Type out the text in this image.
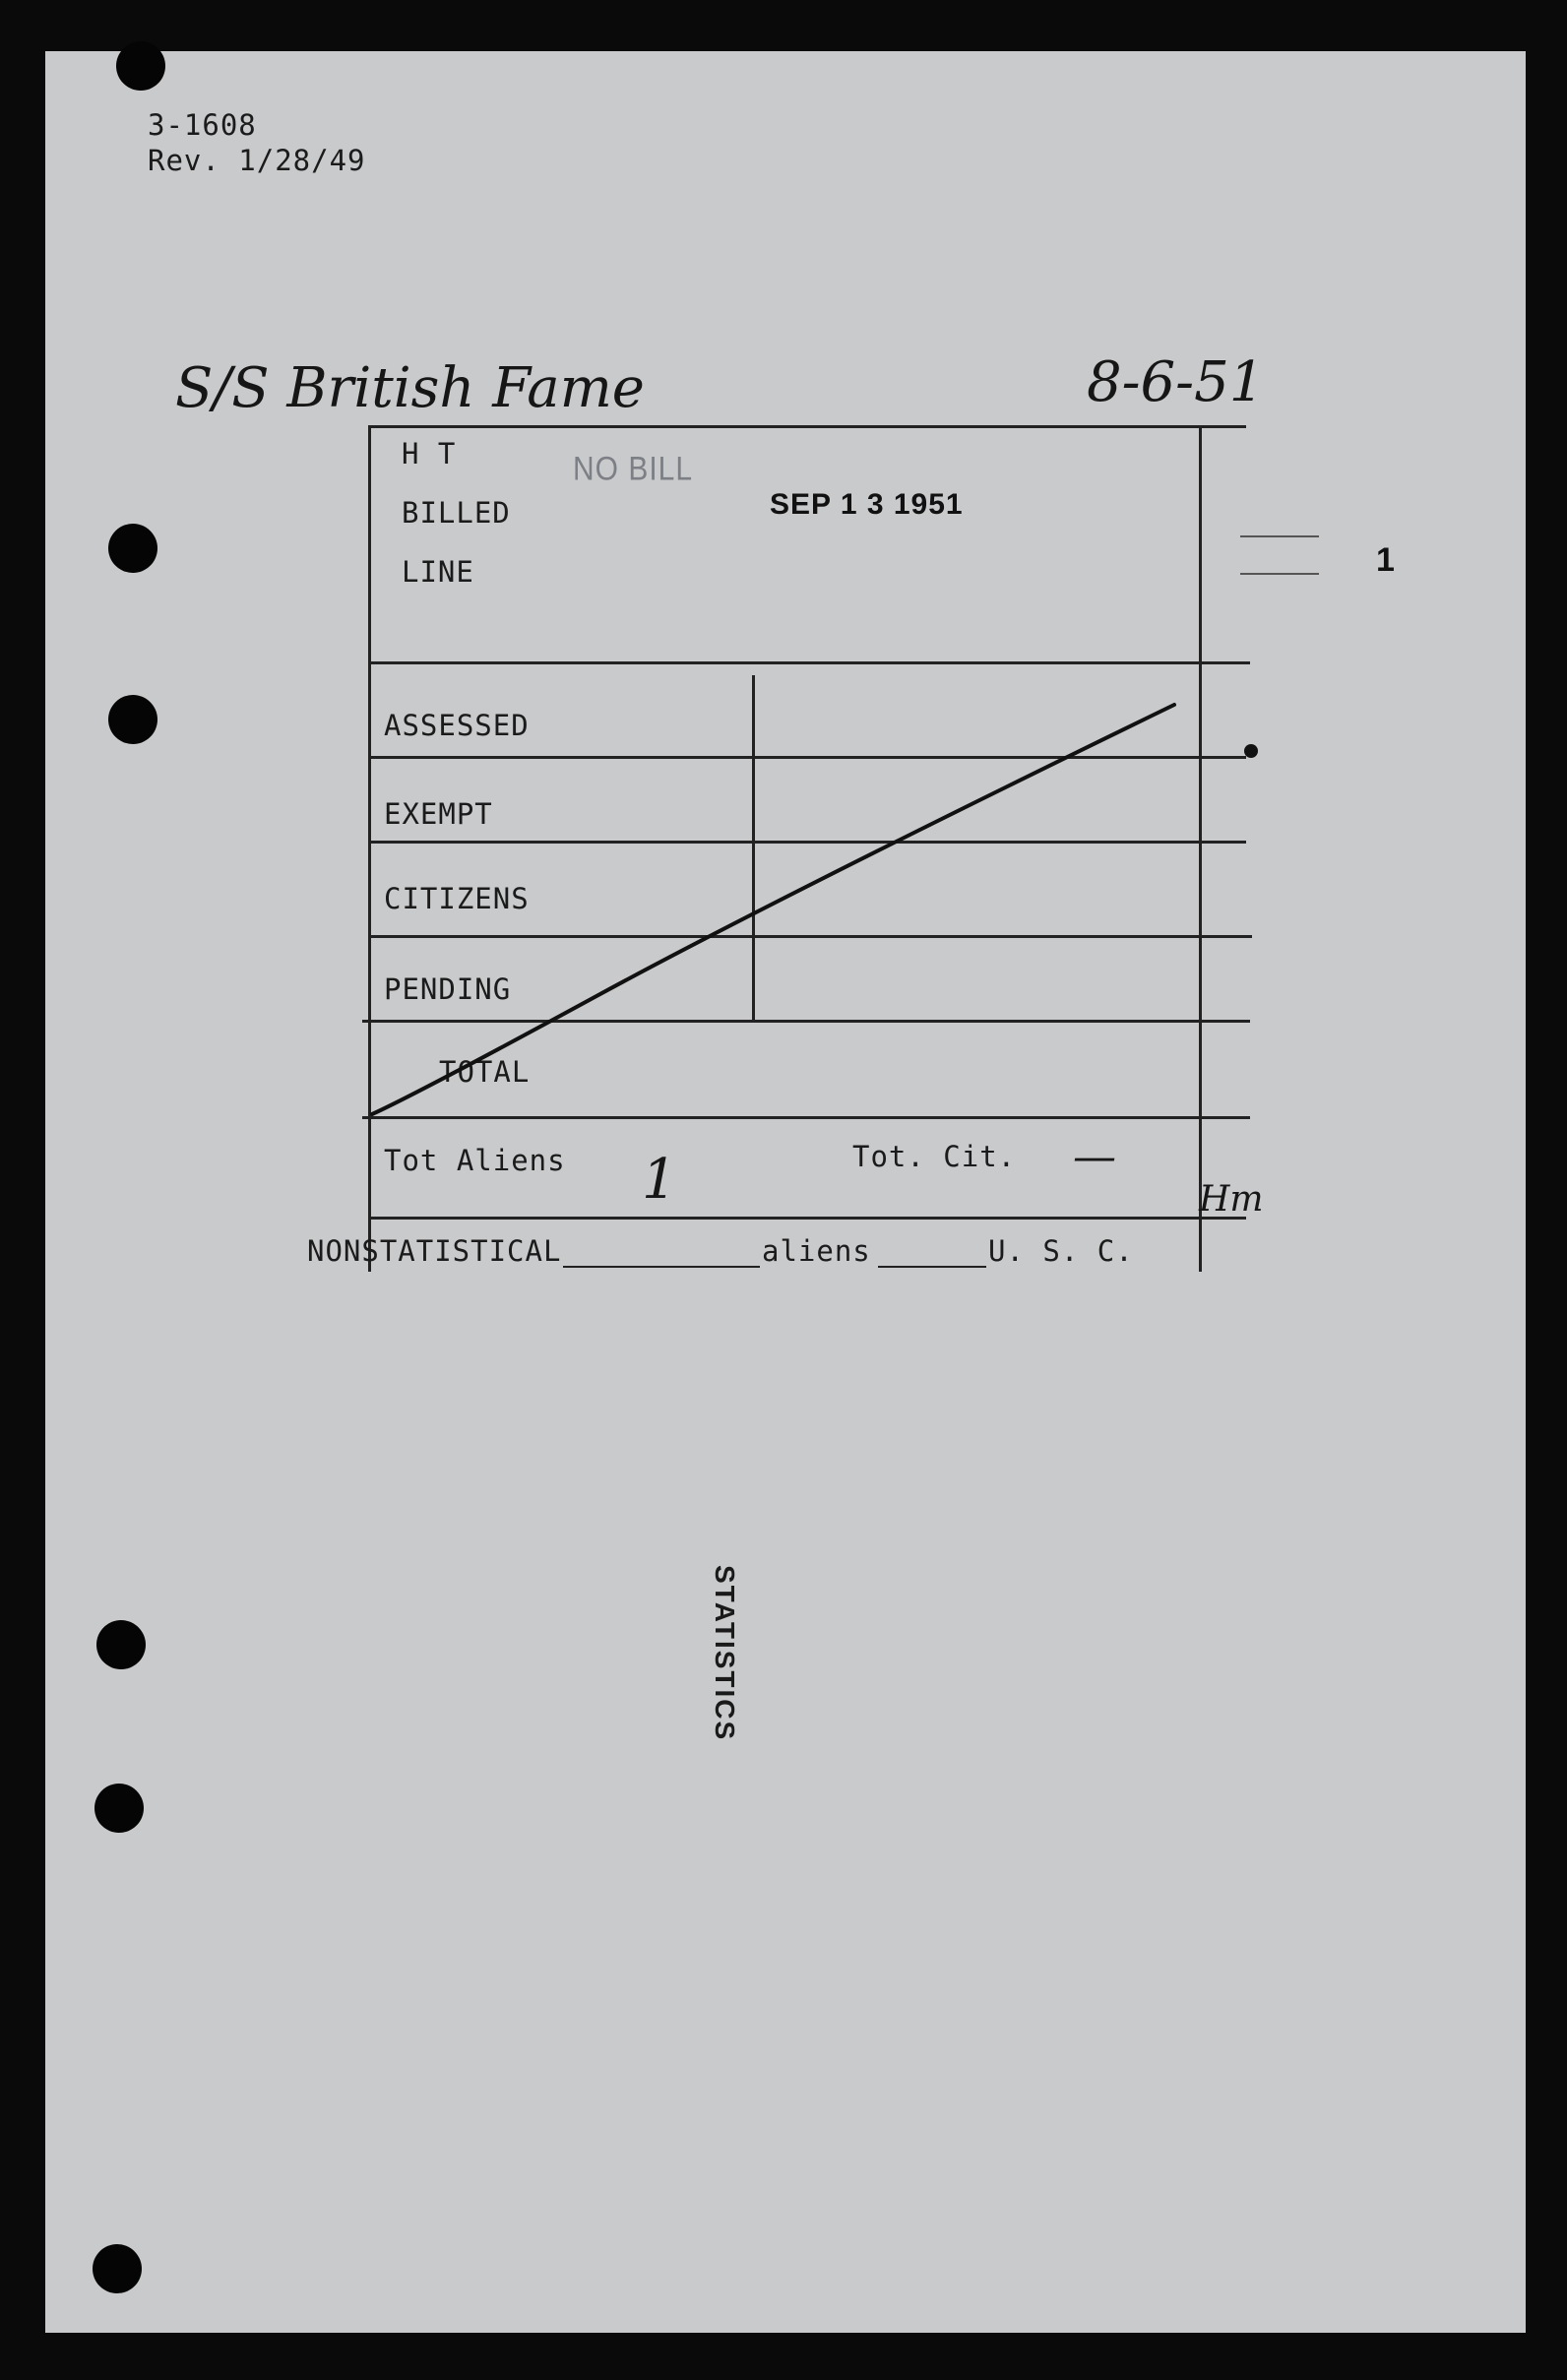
3-1608
Rev. 1/28/49
S/S British Fame	8-6-51
H T
BILLED
LINE
NO BILL
SEP 1 3 1951
1
ASSESSED
EXEMPT
CITIZENS
PENDING
TOTAL
Tot Aliens 1	Tot. Cit. —
Hm
NONSTATISTICAL	aliens	U. S. C.
STATISTICS
